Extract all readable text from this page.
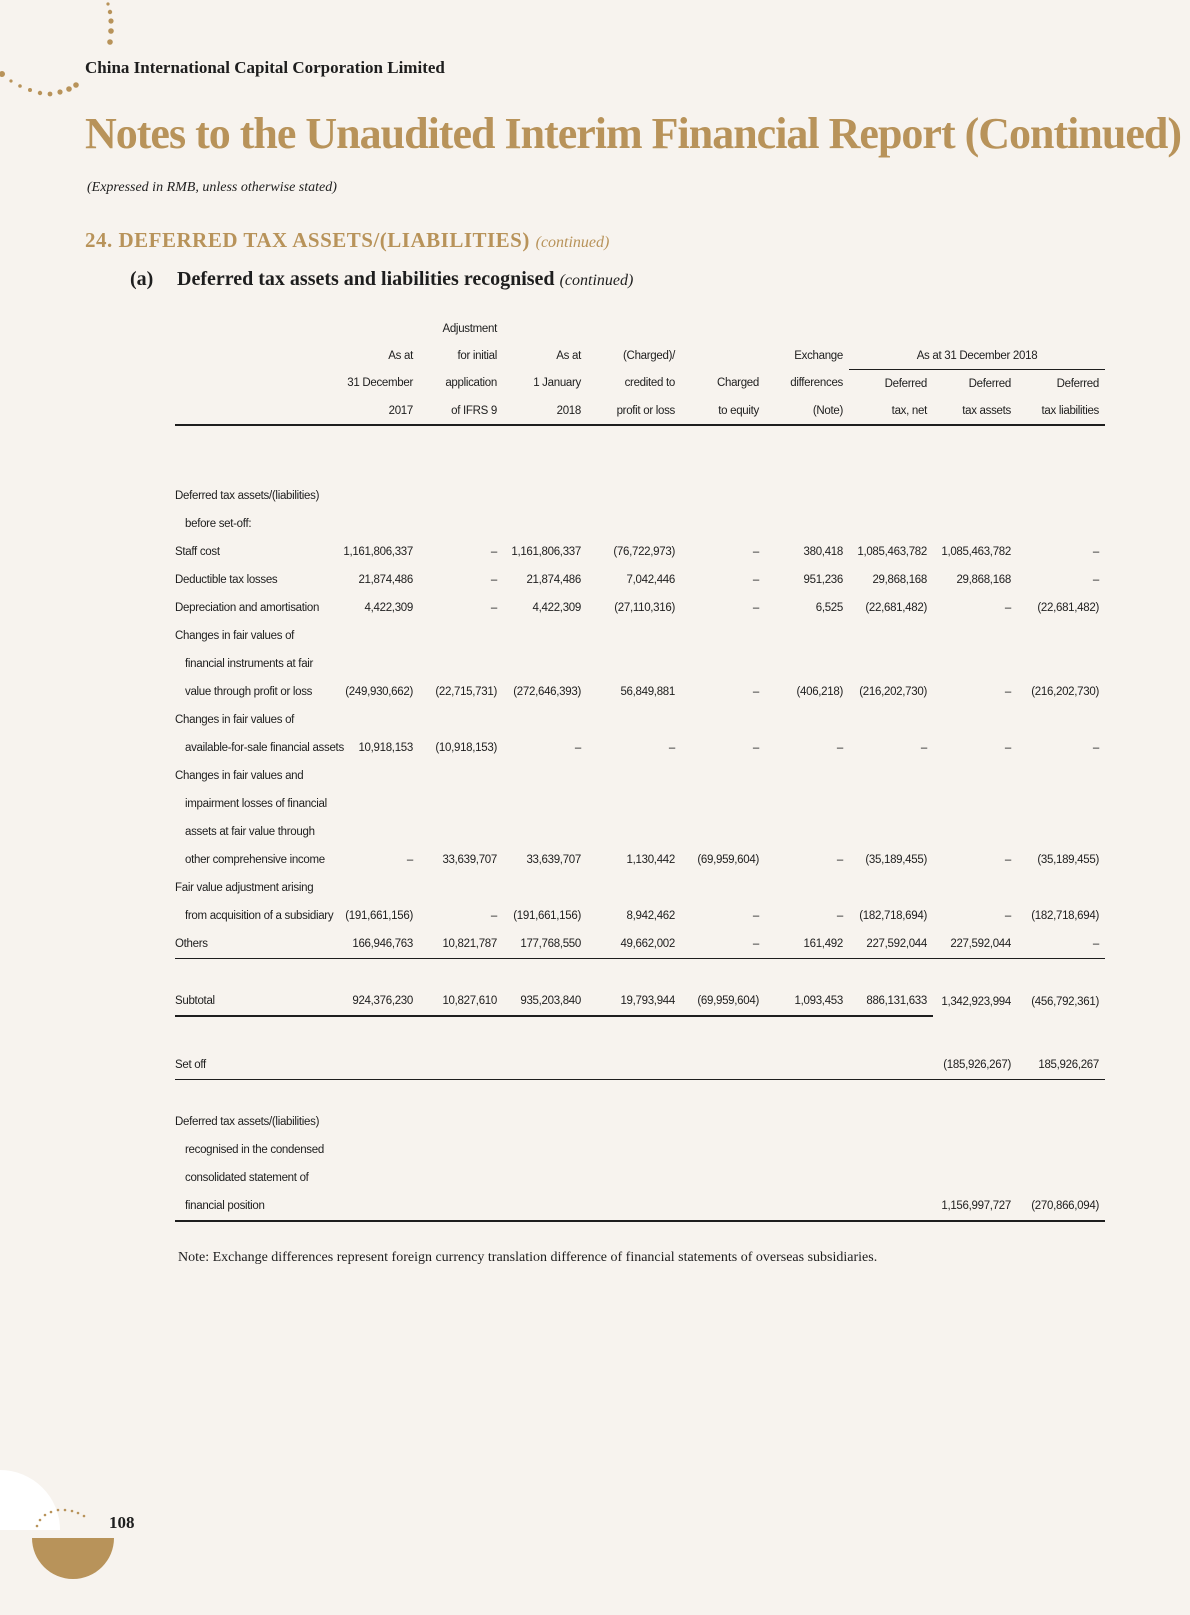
China International Capital Corporation Limited
Notes to the Unaudited Interim Financial Report (Continued)
(Expressed in RMB, unless otherwise stated)
24. DEFERRED TAX ASSETS/(LIABILITIES) (continued)
(a) Deferred tax assets and liabilities recognised (continued)
		Adjustment							
	As at	for initial	As at	(Charged)/		Exchange	As at 31 December 2018		
	31 December	application	1 January	credited to	Charged	differences	Deferred	Deferred	Deferred
	2017	of IFRS 9	2018	profit or loss	to equity	(Note)	tax, net	tax assets	tax liabilities

Deferred tax assets/(liabilities)									
before set-off:									
Staff cost	1,161,806,337	–	1,161,806,337	(76,722,973)	–	380,418	1,085,463,782	1,085,463,782	–
Deductible tax losses	21,874,486	–	21,874,486	7,042,446	–	951,236	29,868,168	29,868,168	–
Depreciation and amortisation	4,422,309	–	4,422,309	(27,110,316)	–	6,525	(22,681,482)	–	(22,681,482)
Changes in fair values of									
financial instruments at fair									
value through profit or loss	(249,930,662)	(22,715,731)	(272,646,393)	56,849,881	–	(406,218)	(216,202,730)	–	(216,202,730)
Changes in fair values of									
available-for-sale financial assets	10,918,153	(10,918,153)	–	–	–	–	–	–	–
Changes in fair values and									
impairment losses of financial									
assets at fair value through									
other comprehensive income	–	33,639,707	33,639,707	1,130,442	(69,959,604)	–	(35,189,455)	–	(35,189,455)
Fair value adjustment arising									
from acquisition of a subsidiary	(191,661,156)	–	(191,661,156)	8,942,462	–	–	(182,718,694)	–	(182,718,694)
Others	166,946,763	10,821,787	177,768,550	49,662,002	–	161,492	227,592,044	227,592,044	–

Subtotal	924,376,230	10,827,610	935,203,840	19,793,944	(69,959,604)	1,093,453	886,131,633	1,342,923,994	(456,792,361)

Set off								(185,926,267)	185,926,267

Deferred tax assets/(liabilities)									
recognised in the condensed									
consolidated statement of									
financial position								1,156,997,727	(270,866,094)
Note: Exchange differences represent foreign currency translation difference of financial statements of overseas subsidiaries.
108
